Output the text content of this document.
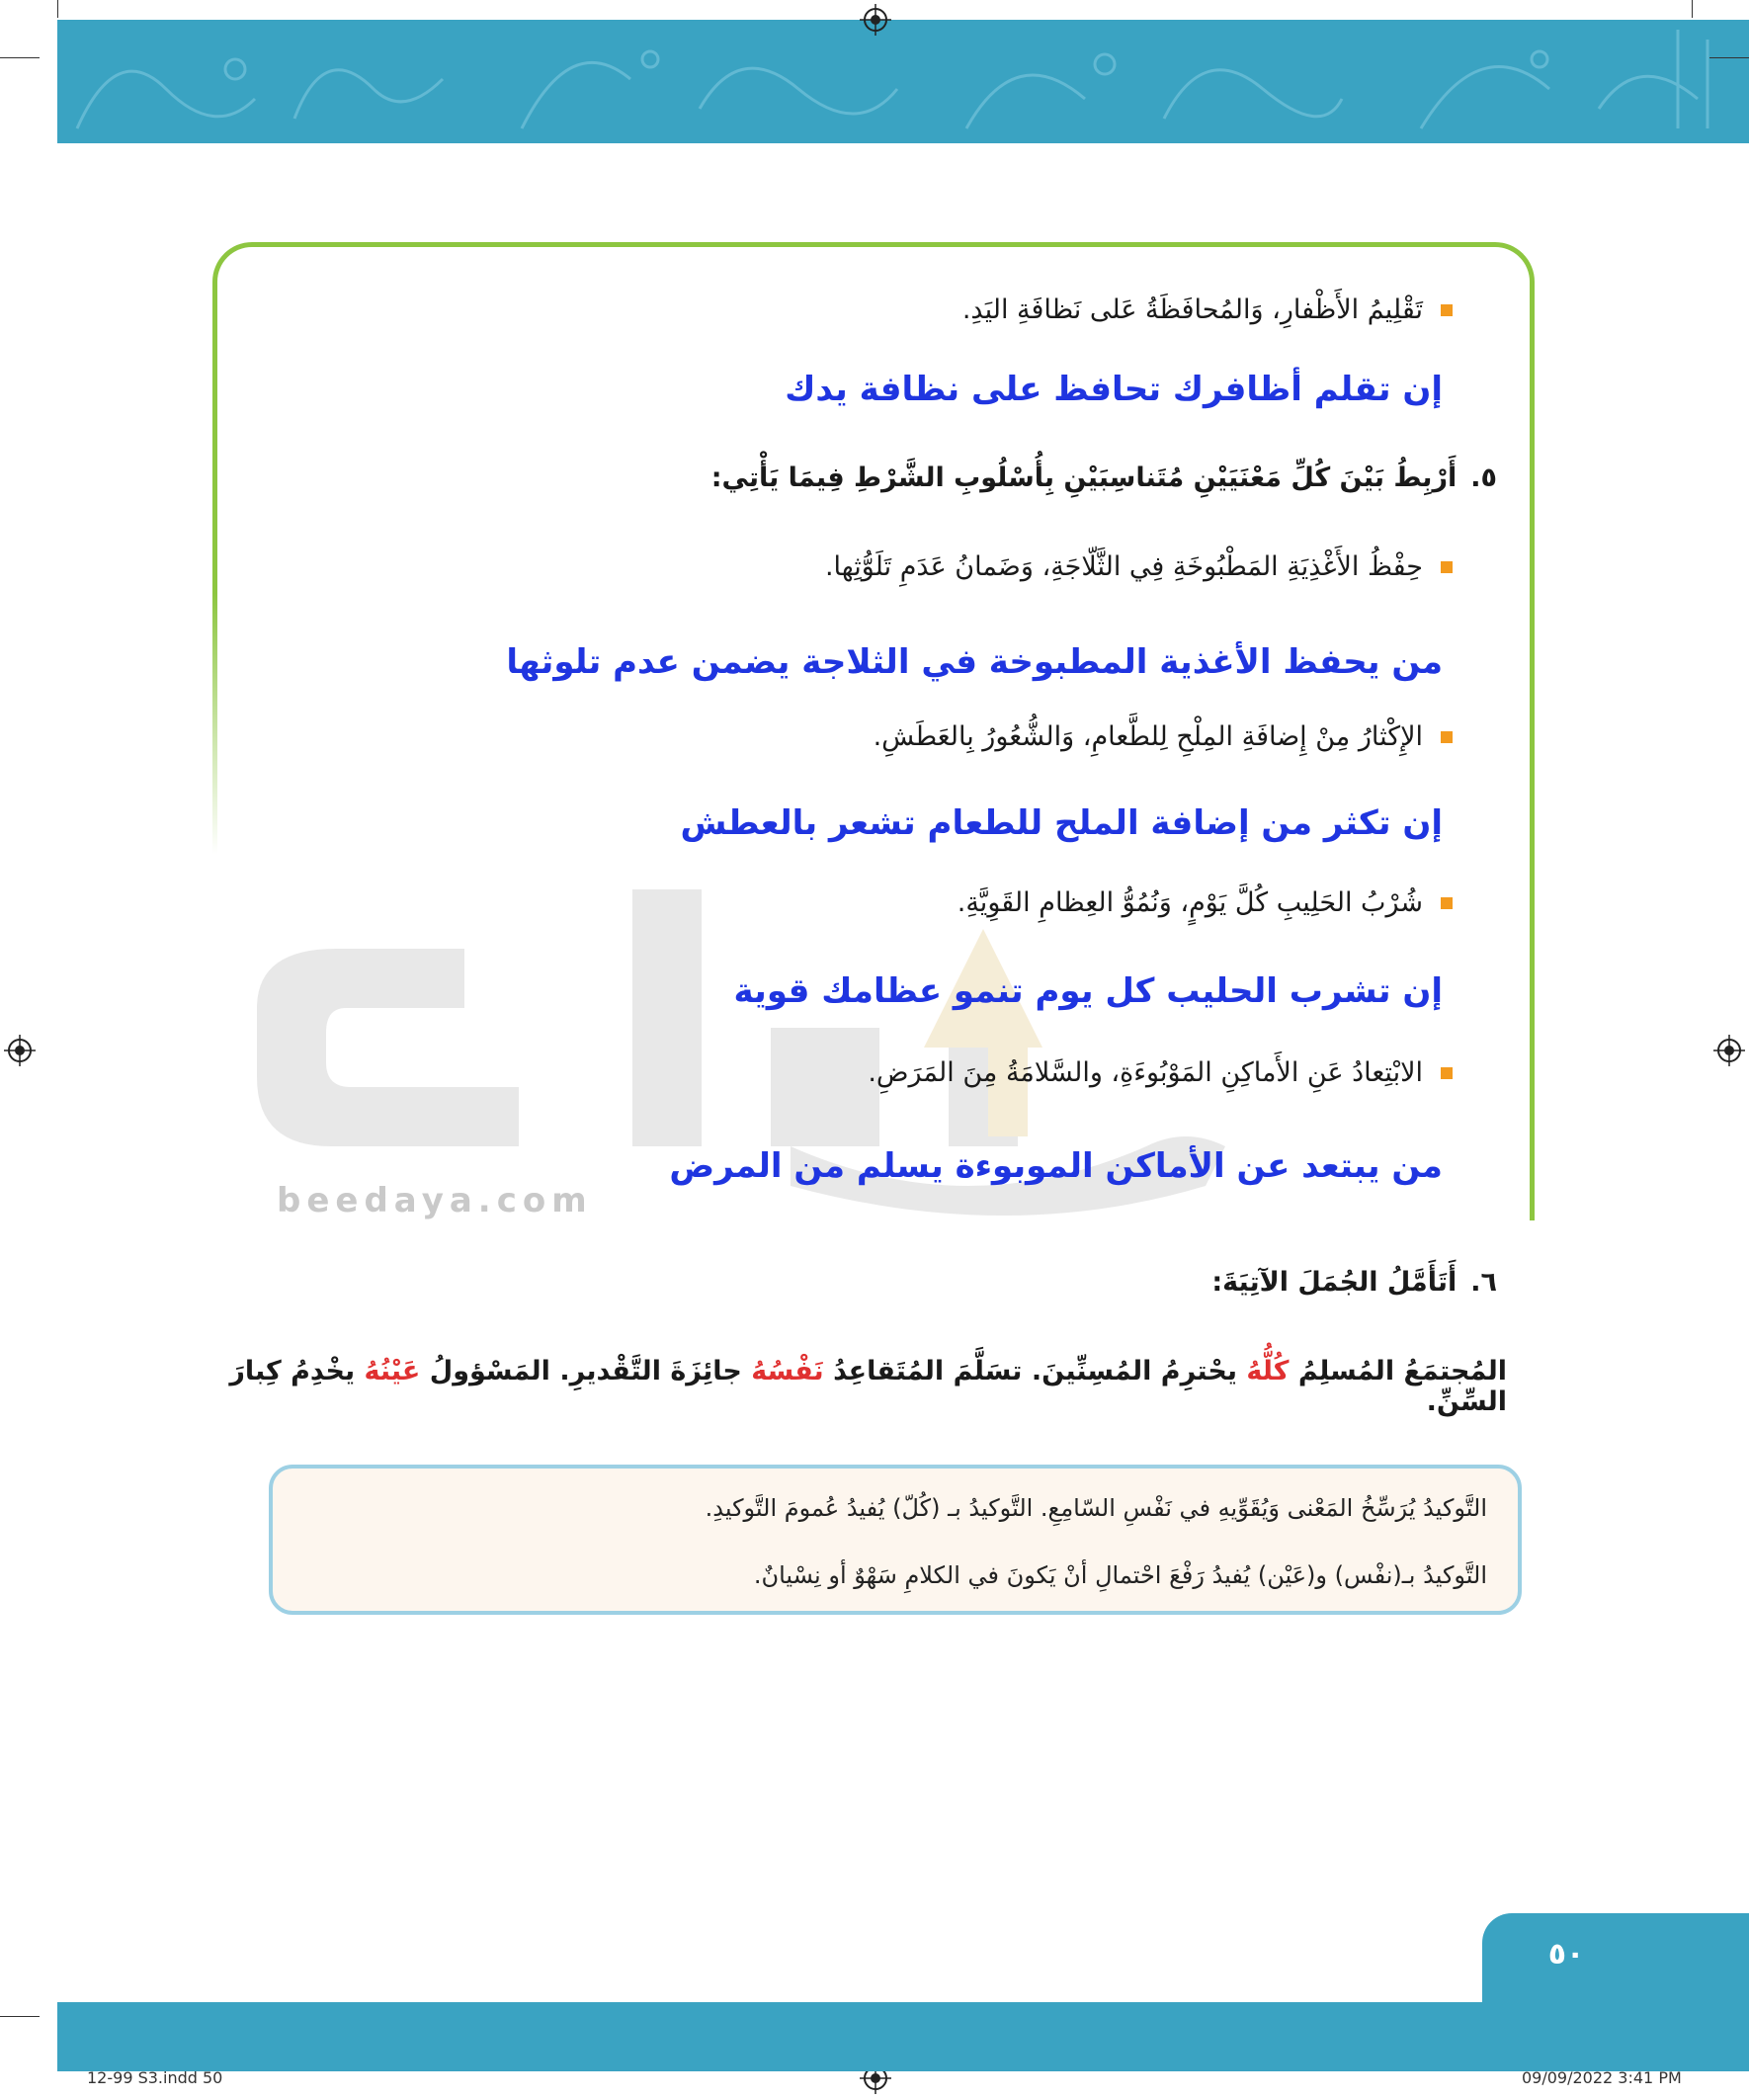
beedaya.com
تَقْلِيمُ الأَظْفارِ، وَالمُحافَظَةُ عَلى نَظافَةِ اليَدِ.
إن تقلم أظافرك تحافظ على نظافة يدك
٥.
أَرْبِطُ بَيْنَ كُلِّ مَعْنَيَيْنِ مُتَناسِبَيْنِ بِأُسْلُوبِ الشَّرْطِ فِيمَا يَأْتِي:
حِفْظُ الأَغْذِيَةِ المَطْبُوخَةِ فِي الثَّلّاجَةِ، وَضَمانُ عَدَمِ تَلَوُّثِها.
من يحفظ الأغذية المطبوخة في الثلاجة يضمن عدم تلوثها
الإِكْثارُ مِنْ إِضافَةِ المِلْحِ لِلطَّعامِ، وَالشُّعُورُ بِالعَطَشِ.
إن تكثر من إضافة الملح للطعام تشعر بالعطش
شُرْبُ الحَلِيبِ كُلَّ يَوْمٍ، وَنُمُوُّ العِظامِ القَوِيَّةِ.
إن تشرب الحليب كل يوم تنمو عظامك قوية
الابْتِعادُ عَنِ الأَماكِنِ المَوْبُوءَةِ، والسَّلامَةُ مِنَ المَرَضِ.
من يبتعد عن الأماكن الموبوءة يسلم من المرض
٦.
أَتَأَمَّلُ الجُمَلَ الآتِيَةَ:
المُجتمَعُ المُسلِمُ كُلُّهُ يحْترِمُ المُسِنِّينَ. تسَلَّمَ المُتَقاعِدُ نَفْسُهُ جائِزَةَ التَّقْديرِ. المَسْؤولُ عَيْنُهُ يخْدِمُ كِبارَ السِّنِّ.
التَّوكيدُ يُرَسِّخُ المَعْنى وَيُقَوِّيهِ في نَفْسِ السّامِعِ. التَّوكيدُ بـ (كُلّ) يُفيدُ عُمومَ التَّوكيدِ.
التَّوكيدُ بـ(نفْس) و(عَيْن) يُفيدُ رَفْعَ احْتمالِ أنْ يَكونَ في الكلامِ سَهْوٌ أو نِسْيانٌ.
٥٠
12-99 S3.indd 50	09/09/2022 3:41 PM
